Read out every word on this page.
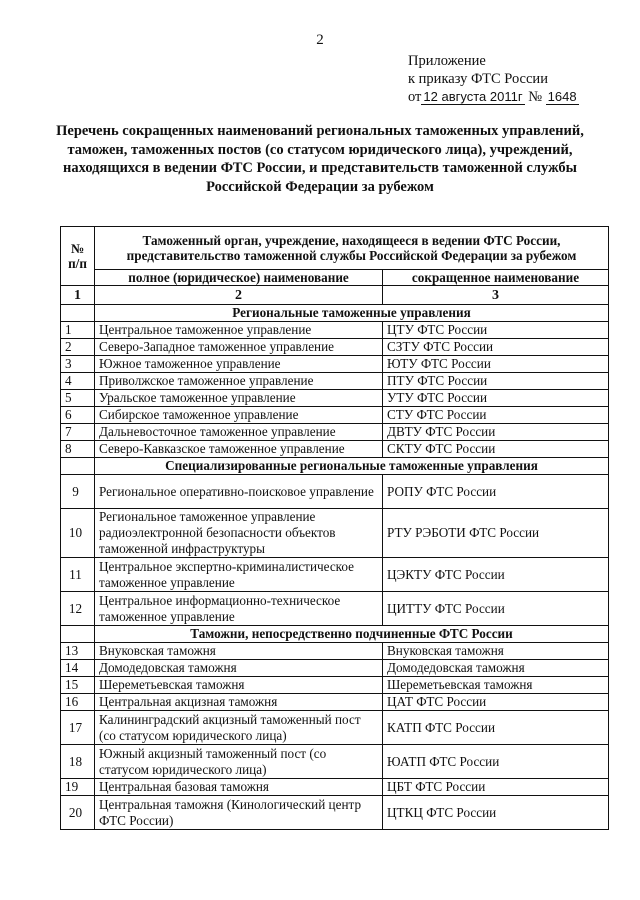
2
Приложение
к приказу ФТС России
от 12 августа 2011г № 1648
Перечень сокращенных наименований региональных таможенных управлений, таможен, таможенных постов (со статусом юридического лица), учреждений, находящихся в ведении ФТС России, и представительств таможенной службы Российской Федерации за рубежом
№ п/п	Таможенный орган, учреждение, находящееся в ведении ФТС России, представительство таможенной службы Российской Федерации за рубежом	
	полное (юридическое) наименование	сокращенное наименование
1	2	3
	Региональные таможенные управления	
1	Центральное таможенное управление	ЦТУ ФТС России
2	Северо-Западное таможенное управление	СЗТУ ФТС России
3	Южное таможенное управление	ЮТУ ФТС России
4	Приволжское таможенное управление	ПТУ ФТС России
5	Уральское таможенное управление	УТУ ФТС России
6	Сибирское таможенное управление	СТУ ФТС России
7	Дальневосточное таможенное управление	ДВТУ ФТС России
8	Северо-Кавказское таможенное управление	СКТУ ФТС России
	Специализированные региональные таможенные управления	
9	Региональное оперативно-поисковое управление	РОПУ ФТС России
10	Региональное таможенное управление радиоэлектронной безопасности объектов таможенной инфраструктуры	РТУ РЭБОТИ ФТС России
11	Центральное экспертно-криминалистическое таможенное управление	ЦЭКТУ ФТС России
12	Центральное информационно-техническое таможенное управление	ЦИТТУ ФТС России
	Таможни, непосредственно подчиненные ФТС России	
13	Внуковская таможня	Внуковская таможня
14	Домодедовская таможня	Домодедовская таможня
15	Шереметьевская таможня	Шереметьевская таможня
16	Центральная акцизная таможня	ЦАТ ФТС России
17	Калининградский акцизный таможенный пост (со статусом юридического лица)	КАТП ФТС России
18	Южный акцизный таможенный пост (со статусом юридического лица)	ЮАТП ФТС России
19	Центральная базовая таможня	ЦБТ ФТС России
20	Центральная таможня (Кинологический центр ФТС России)	ЦТКЦ ФТС России
